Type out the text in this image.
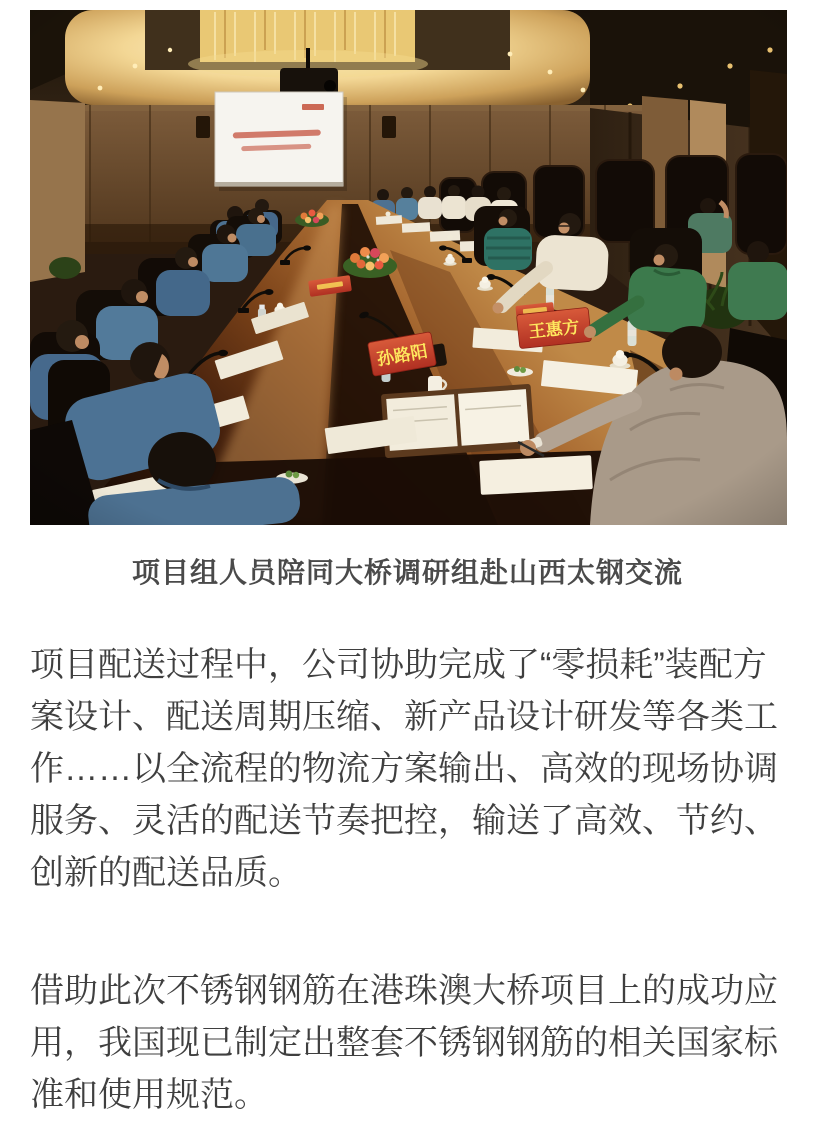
项目组人员陪同大桥调研组赴山西太钢交流

项目配送过程中，公司协助完成了“零损耗”装配方案设计、配送周期压缩、新产品设计研发等各类工作……以全流程的物流方案输出、高效的现场协调服务、灵活的配送节奏把控，输送了高效、节约、创新的配送品质。

借助此次不锈钢钢筋在港珠澳大桥项目上的成功应用，我国现已制定出整套不锈钢钢筋的相关国家标准和使用规范。
